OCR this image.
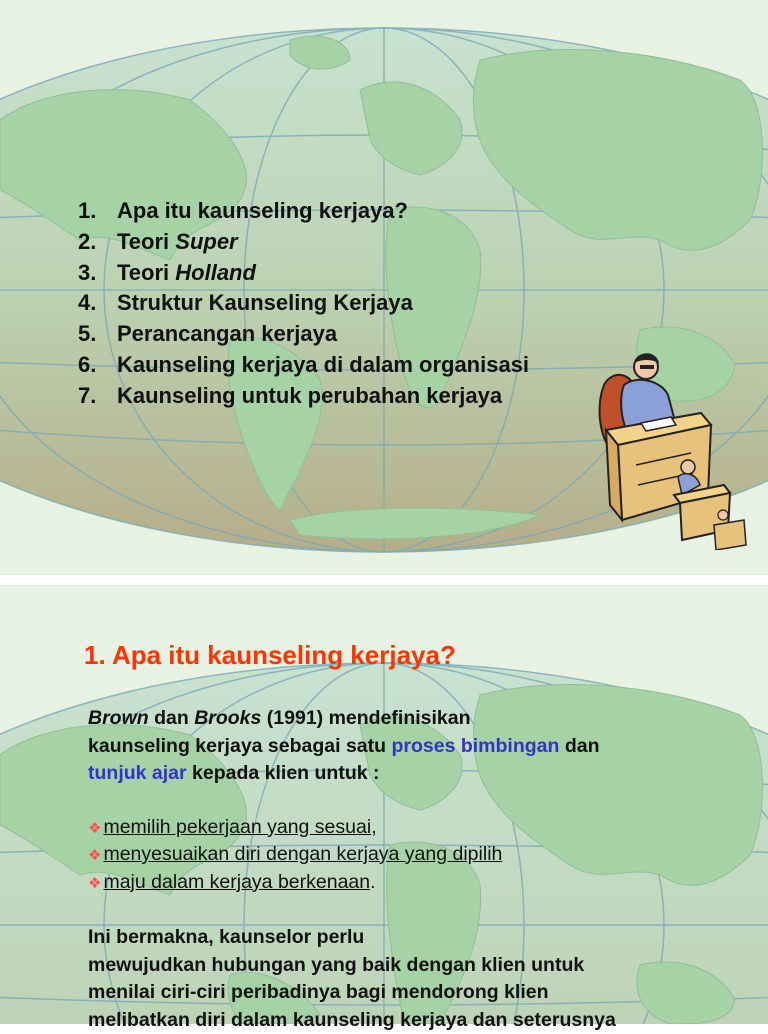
1. Apa itu kaunseling kerjaya?
2. Teori Super
3. Teori Holland
4. Struktur Kaunseling Kerjaya
5. Perancangan kerjaya
6. Kaunseling kerjaya di dalam organisasi
7. Kaunseling untuk perubahan kerjaya
1. Apa itu kaunseling kerjaya?

Brown dan Brooks (1991) mendefinisikan
kaunseling kerjaya sebagai satu proses bimbingan dan
tunjuk ajar kepada klien untuk :

❖ memilih pekerjaan yang sesuai,
❖ menyesuaikan diri dengan kerjaya yang dipilih
❖ maju dalam kerjaya berkenaan.

Ini bermakna, kaunselor perlu
mewujudkan hubungan yang baik dengan klien untuk
menilai ciri-ciri peribadinya bagi mendorong klien
melibatkan diri dalam kaunseling kerjaya dan seterusnya
